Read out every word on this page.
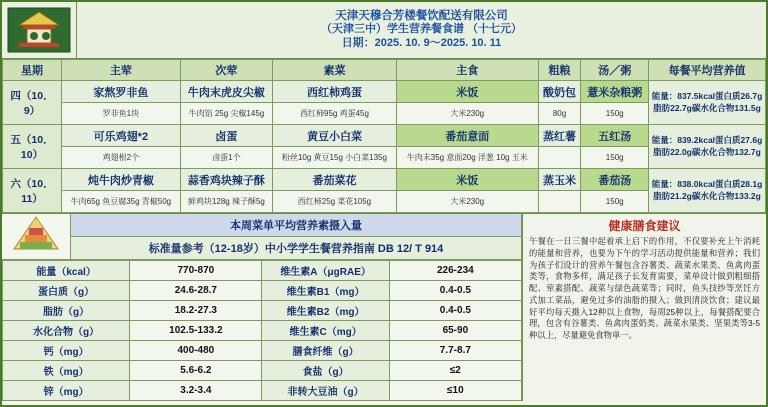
天津天穆合芳楼餐饮配送有限公司
（天津三中）学生营养餐食谱 （十七元）
日期：2025. 10. 9～2025. 10. 11
星期	主荤	次荤	素菜	主食	粗粮	汤／粥	每餐平均营养值
四（10．9）	家熬罗非鱼	牛肉末虎皮尖椒	西红柿鸡蛋	米饭	酸奶包	薏米杂粮粥	能量：837.5kcal蛋白质26.7g脂肪22.7g碳水化合物131.5g
	罗非鱼1块	牛肉馅 25g 尖椒145g	西红柿95g 鸡蛋45g	大米230g	80g	150g	
五（10．10）	可乐鸡翅*2	卤蛋	黄豆小白菜	番茄意面	蒸红薯	五红汤	能量：839.2kcal蛋白质27.6g脂肪22.0g碳水化合物132.7g
	鸡翅根2个	卤蛋1个	粉丝10g 黄豆15g 小白菜135g	牛肉末35g 意面20g 洋葱 10g 玉米		150g	
六（10．11）	炖牛肉炒青椒	蒜香鸡块辣子酥	番茄菜花	米饭	蒸玉米	番茄汤	能量：838.0kcal蛋白质28.1g脂肪21.2g碳水化合物133.2g
	牛肉65g 鱼豆腐35g 青椒50g	鲜鸡块128g 辣子酥5g	西红柿25g 菜花105g	大米230g		150g	
	本周菜单平均营养素摄入量
标准量参考（12-18岁）中小学学生餐营养指南 DB 12/ T 914
能量（kcal）	770-870	维生素A（μgRAE）	226-234
蛋白质（g）	24.6-28.7	维生素B1（mg）	0.4-0.5
脂肪（g）	18.2-27.3	维生素B2（mg）	0.4-0.5
水化合物（g）	102.5-133.2	维生素C（mg）	65-90
钙（mg）	400-480	膳食纤维（g）	7.7-8.7
铁（mg）	5.6-6.2	食盐（g）	≤2
锌（mg）	3.2-3.4	非转大豆油（g）	≤10
健康膳食建议
午餐在一日三餐中起着承上启下的作用，不仅要补充上午消耗的能量和营养，也要为下午的学习活动提供能量和营养；我们为孩子们设计的营养午餐包含谷薯类、蔬菜水果类、鱼禽肉蛋类等，食物多样，满足孩子长发育需要，菜单设计做到粗细搭配、荤素搭配、蔬菜与绿色蔬菜等；同时，鱼头技纱等烹饪方式加工菜品，避免过多的油脂的摄入；做到清淡饮食；建议最好平均每天摄入12种以上食物，每周25种以上，每餐搭配要合理，包含有谷薯类、鱼禽肉蛋奶类、蔬菜水果类、坚果类等3-5种以上，尽量避免食物单一。
